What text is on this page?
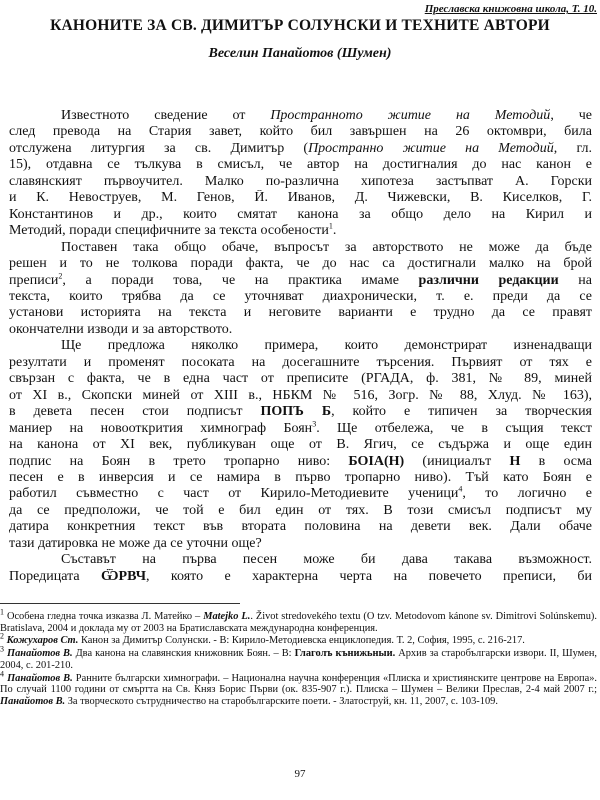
Преславска книжовна школа, Т. 10.
КАНОНИТЕ ЗА СВ. ДИМИТЪР СОЛУНСКИ И ТЕХНИТЕ АВТОРИ
Веселин Панайотов (Шумен)
Известното сведение от Пространното житие на Методий, че
след превода на Стария завет, който бил завършен на 26 октомври, била
отслужена литургия за св. Димитър (Пространно житие на Методий, гл.
15), отдавна се тълкува в смисъл, че автор на достигналия до нас канон е
славянският първоучител. Малко по-различна хипотеза застъпват А. Горски
и К. Невоструев, М. Генов, Й. Иванов, Д. Чижевски, В. Киселков, Г.
Константинов и др., които смятат канона за общо дело на Кирил и
Методий, поради специфичните за текста особености$^1$.
Поставен така общо обаче, въпросът за авторството не може да бъде
решен и то не толкова поради факта, че до нас са достигнали малко на брой
преписи$^2$, а поради това, че на практика имаме различни редакции на
текста, които трябва да се уточняват диахронически, т. е. преди да се
установи историята на текста и неговите варианти е трудно да се правят
окончателни изводи и за авторството.
Ще предложа няколко примера, които демонстрират изненадващи
резултати и променят посоката на досегашните търсения. Първият от тях е
свързан с факта, че в една част от преписите (РГАДА, ф. 381, № 89, миней
от XI в., Скопски миней от XIII в., НБКМ № 516, Зогр. № 88, Хлуд. № 163),
в девета песен стои подписът ПОПЪ Б, който е типичен за творческия
маниер на новооткрития химнограф Боян$^3$. Ще отбележа, че в същия текст
на канона от XI век, публикуван още от В. Ягич, се съдържа и още един
подпис на Боян в трето тропарно ниво: БОIА(Н) (инициалът Н в осма
песен е в инверсия и се намира в първо тропарно ниво). Тъй като Боян е
работил съвместно с част от Кирило-Методиевите ученици$^4$, то логично е
да се предположи, че той е бил един от тях. В този смисъл подписът му
датира конкретния текст във втората половина на девети век. Дали обаче
тази датировка не може да се уточни още?
Съставът на първа песен може би дава такава възможност.
Поредицата ѾРВЧ, която е характерна черта на повечето преписи, би

$^1$ Особена гледна точка изказва Л. Матейко – Matejko L.. Život stredovekého textu (O tzv. Metodovom kánone sv. Dimitrovi Solúnskemu). Bratislava, 2004 и доклада му от 2003 на Братиславската международна конференция.

$^2$ Кожухаров Ст. Канон за Димитър Солунски. - В: Кирило-Методиевска енциклопедия. Т. 2, София, 1995, с. 216-217.

$^3$ Панайотов В. Два канона на славянския книжовник Боян. – В: Глаголъ кънижьныи. Архив за старобългарски извори. II, Шумен, 2004, с. 201-210.

$^4$ Панайотов В. Ранните български химнографи. – Национална научна конференция «Плиска и християнските центрове на Европа». По случай 1100 години от смъртта на Св. Княз Борис Първи (ок. 835-907 г.). Плиска – Шумен – Велики Преслав, 2-4 май 2007 г.; Панайотов В. За творческото сътрудничество на старобългарските поети. - Златоструй, кн. 11, 2007, с. 103-109.

97
